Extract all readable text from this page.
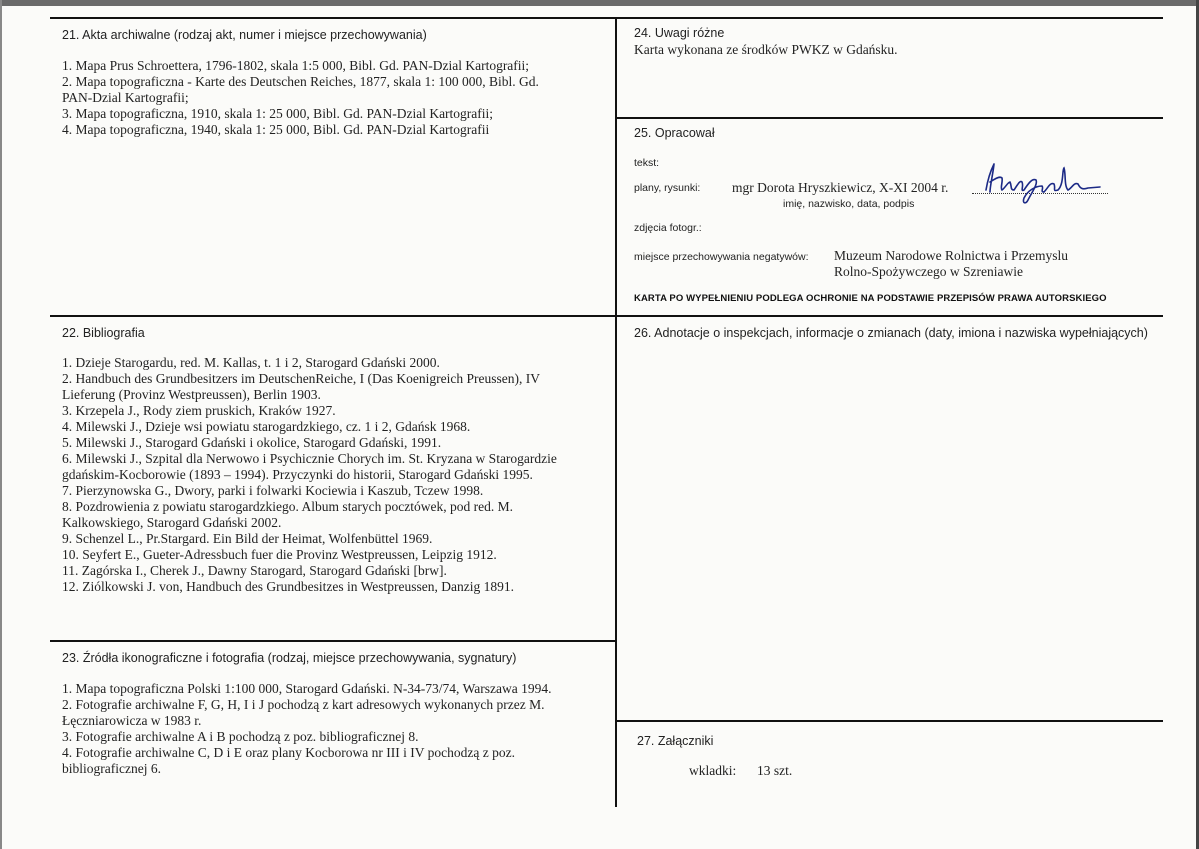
21. Akta archiwalne (rodzaj akt, numer i miejsce przechowywania)

1. Mapa Prus Schroettera, 1796-1802, skala 1:5 000, Bibl. Gd. PAN-Dzial Kartografii;

2. Mapa topograficzna - Karte des Deutschen Reiches, 1877, skala 1: 100 000, Bibl. Gd.

PAN-Dzial Kartografii;

3. Mapa topograficzna, 1910, skala 1: 25 000, Bibl. Gd. PAN-Dzial Kartografii;

4. Mapa topograficzna, 1940, skala 1: 25 000, Bibl. Gd. PAN-Dzial Kartografii

24. Uwagi różne
Karta wykonana ze środków PWKZ w Gdańsku.
25. Opracował
tekst:
plany, rysunki: mgr Dorota Hryszkiewicz, X-XI 2004 r.
imię, nazwisko, data, podpis
zdjęcia fotogr.:
miejsce przechowywania negatywów: Muzeum Narodowe Rolnictwa i Przemyslu

Rolno-Spożywczego w Szreniawie

KARTA PO WYPEŁNIENIU PODLEGA OCHRONIE NA PODSTAWIE PRZEPISÓW PRAWA AUTORSKIEGO
22. Bibliografia

1. Dzieje Starogardu, red. M. Kallas, t. 1 i 2, Starogard Gdański 2000.

2. Handbuch des Grundbesitzers im DeutschenReiche, I (Das Koenigreich Preussen), IV

Lieferung (Provinz Westpreussen), Berlin 1903.

3. Krzepela J., Rody ziem pruskich, Kraków 1927.

4. Milewski J., Dzieje wsi powiatu starogardzkiego, cz. 1 i 2, Gdańsk 1968.

5. Milewski J., Starogard Gdański i okolice, Starogard Gdański, 1991.

6. Milewski J., Szpital dla Nerwowo i Psychicznie Chorych im. St. Kryzana w Starogardzie

gdańskim-Kocborowie (1893 – 1994). Przyczynki do historii, Starogard Gdański 1995.

7. Pierzynowska G., Dwory, parki i folwarki Kociewia i Kaszub, Tczew 1998.

8. Pozdrowienia z powiatu starogardzkiego. Album starych pocztówek, pod red. M.

Kalkowskiego, Starogard Gdański 2002.

9. Schenzel L., Pr.Stargard. Ein Bild der Heimat, Wolfenbüttel 1969.

10. Seyfert E., Gueter-Adressbuch fuer die Provinz Westpreussen, Leipzig 1912.

11. Zagórska I., Cherek J., Dawny Starogard, Starogard Gdański [brw].

12. Ziólkowski J. von, Handbuch des Grundbesitzes in Westpreussen, Danzig 1891.

26. Adnotacje o inspekcjach, informacje o zmianach (daty, imiona i nazwiska wypełniających)
23. Źródła ikonograficzne i fotografia (rodzaj, miejsce przechowywania, sygnatury)

1. Mapa topograficzna Polski 1:100 000, Starogard Gdański. N-34-73/74, Warszawa 1994.

2. Fotografie archiwalne F, G, H, I i J pochodzą z kart adresowych wykonanych przez M.

Łęczniarowicza w 1983 r.

3. Fotografie archiwalne A i B pochodzą z poz. bibliograficznej 8.

4. Fotografie archiwalne C, D i E oraz plany Kocborowa nr III i IV pochodzą z poz.

bibliograficznej 6.

27. Załączniki
wkladki: 13 szt.
